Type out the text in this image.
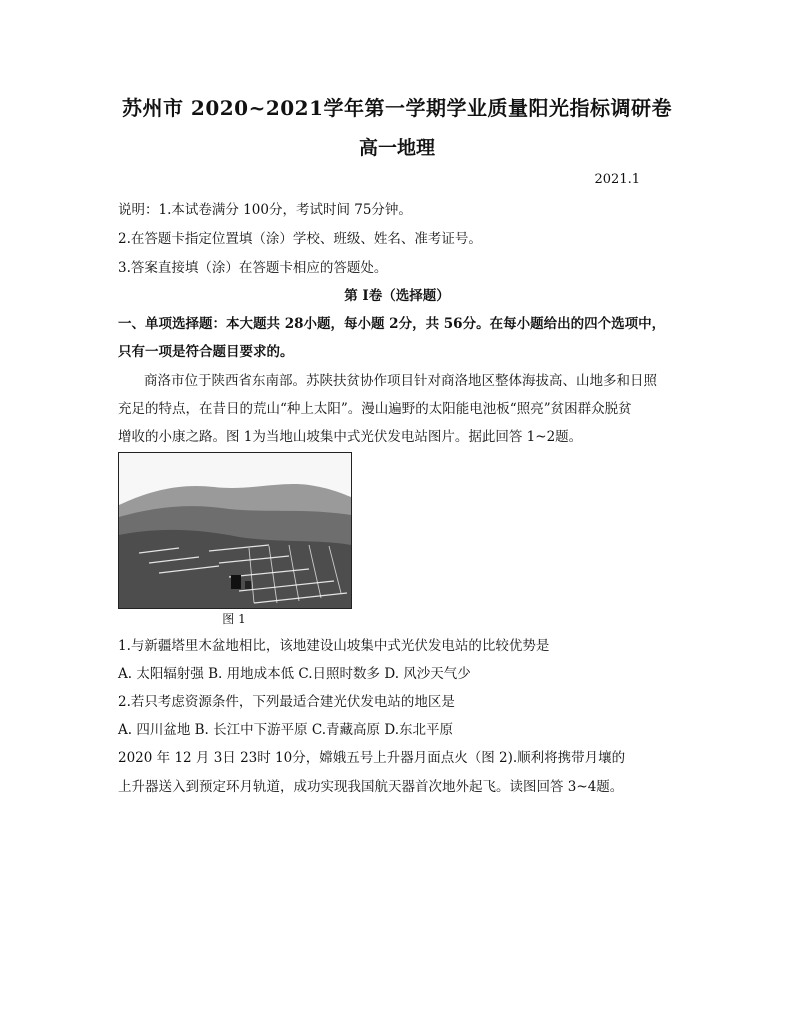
苏州市 2020~2021学年第一学期学业质量阳光指标调研卷
高一地理
2021.1
说明：1.本试卷满分 100分，考试时间 75分钟。
2.在答题卡指定位置填（涂）学校、班级、姓名、准考证号。
3.答案直接填（涂）在答题卡相应的答题处。
第 I卷（选择题）
一、单项选择题：本大题共 28小题，每小题 2分，共 56分。在每小题给出的四个选项中，
只有一项是符合题目要求的。
商洛市位于陕西省东南部。苏陕扶贫协作项目针对商洛地区整体海拔高、山地多和日照
充足的特点，在昔日的荒山“种上太阳”。漫山遍野的太阳能电池板“照亮”贫困群众脱贫
增收的小康之路。图 1为当地山坡集中式光伏发电站图片。据此回答 1~2题。
图 1
1.与新疆塔里木盆地相比，该地建设山坡集中式光伏发电站的比较优势是
A. 太阳辐射强 B. 用地成本低 C.日照时数多 D. 风沙天气少
2.若只考虑资源条件，下列最适合建光伏发电站的地区是
A. 四川盆地 B. 长江中下游平原 C.青藏高原 D.东北平原
2020 年 12 月 3日 23时 10分，嫦娥五号上升器月面点火（图 2).顺利将携带月壤的
上升器送入到预定环月轨道，成功实现我国航天器首次地外起飞。读图回答 3~4题。
